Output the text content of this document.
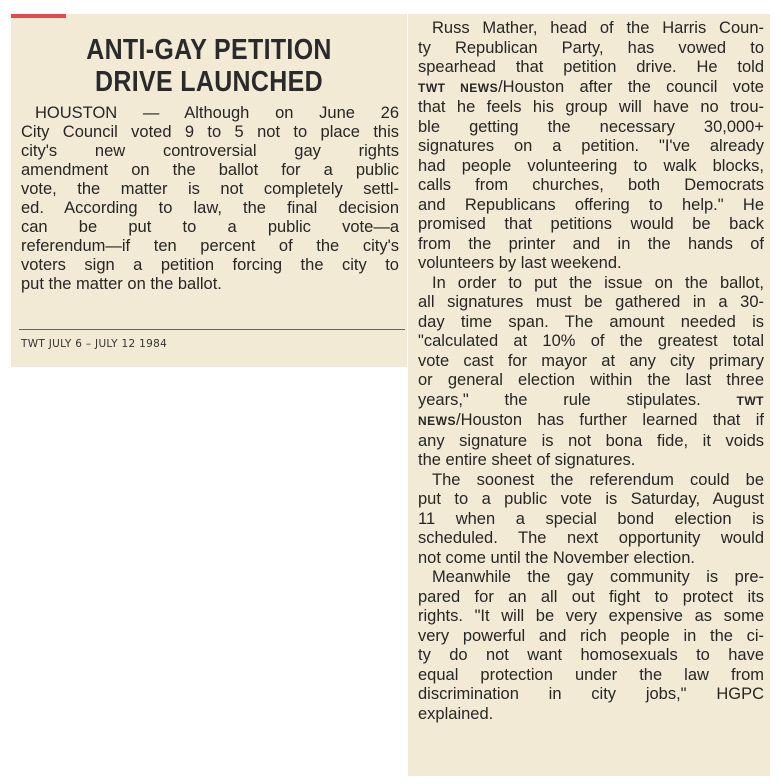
ANTI-GAY PETITION
DRIVE LAUNCHED

HOUSTON — Although on June 26
City Council voted 9 to 5 not to place this
city's new controversial gay rights
amendment on the ballot for a public
vote, the matter is not completely settl-
ed. According to law, the final decision
can be put to a public vote—a
referendum—if ten percent of the city's
voters sign a petition forcing the city to
put the matter on the ballot.

TWT JULY 6 – JULY 12 1984
Russ Mather, head of the Harris Coun-
ty Republican Party, has vowed to
spearhead that petition drive. He told
TWT NEWS/Houston after the council vote
that he feels his group will have no trou-
ble getting the necessary 30,000+
signatures on a petition. "I've already
had people volunteering to walk blocks,
calls from churches, both Democrats
and Republicans offering to help." He
promised that petitions would be back
from the printer and in the hands of
volunteers by last weekend.
In order to put the issue on the ballot,
all signatures must be gathered in a 30-
day time span. The amount needed is
"calculated at 10% of the greatest total
vote cast for mayor at any city primary
or general election within the last three
years," the rule stipulates. TWT
NEWS/Houston has further learned that if
any signature is not bona fide, it voids
the entire sheet of signatures.
The soonest the referendum could be
put to a public vote is Saturday, August
11 when a special bond election is
scheduled. The next opportunity would
not come until the November election.
Meanwhile the gay community is pre-
pared for an all out fight to protect its
rights. "It will be very expensive as some
very powerful and rich people in the ci-
ty do not want homosexuals to have
equal protection under the law from
discrimination in city jobs," HGPC
explained.
